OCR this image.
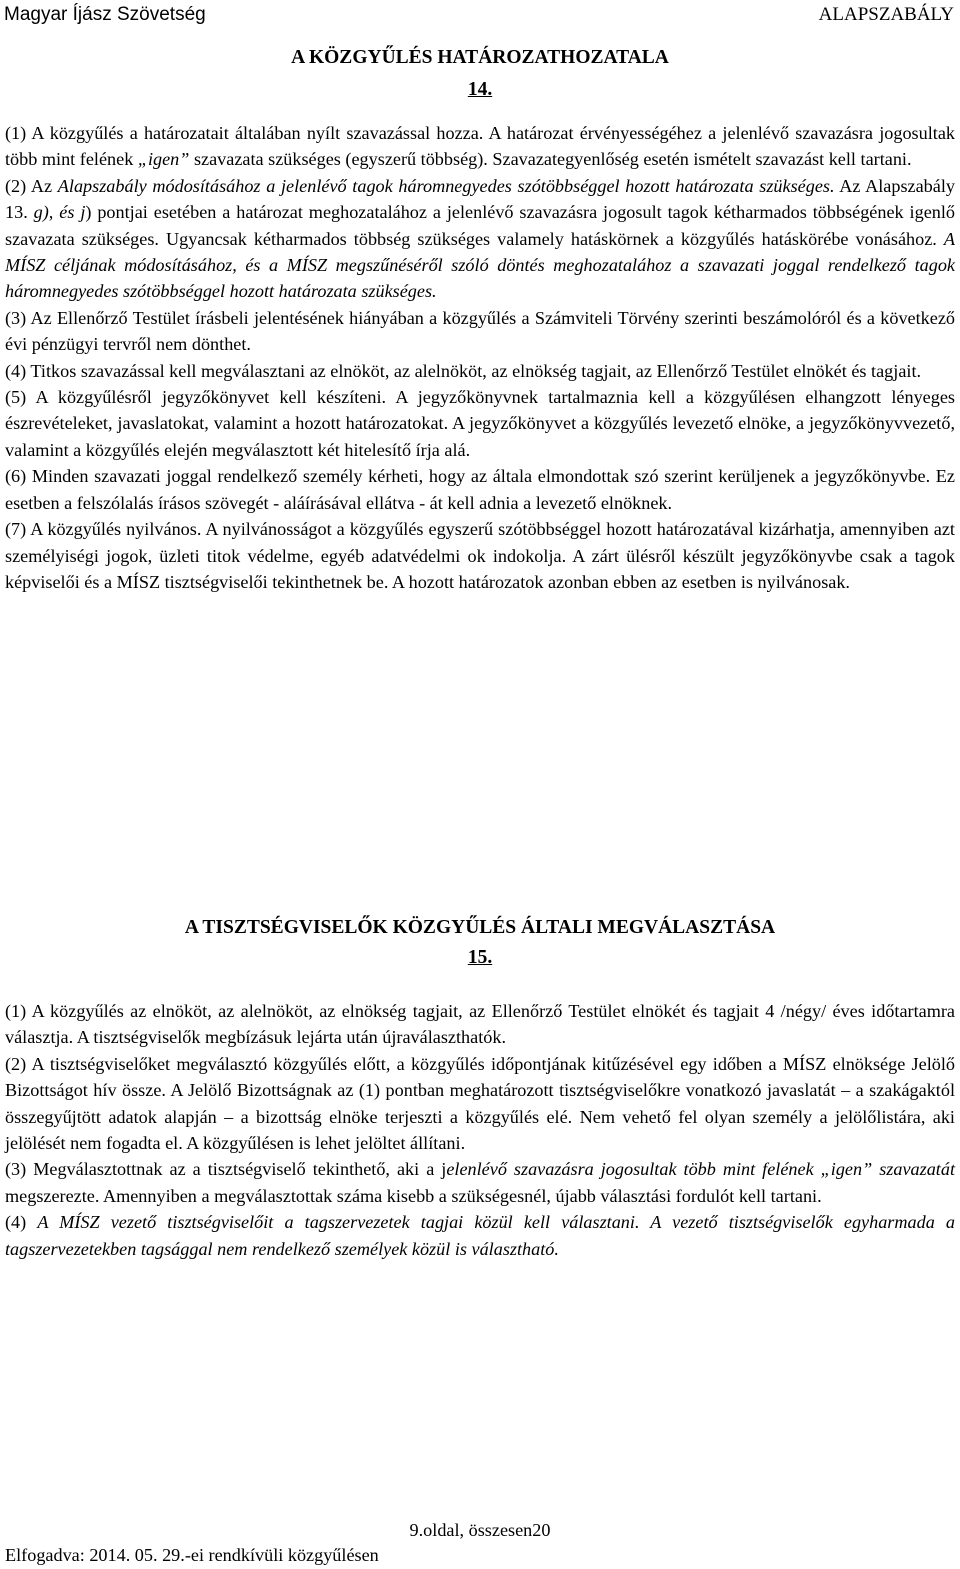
Magyar Íjász Szövetség	ALAPSZABÁLY
A KÖZGYŰLÉS HATÁROZATHOZATALA
14.

(1) A közgyűlés a határozatait általában nyílt szavazással hozza. A határozat érvényességéhez a jelenlévő szavazásra jogosultak több mint felének „igen” szavazata szükséges (egyszerű többség). Szavazategyenlőség esetén ismételt szavazást kell tartani.

(2) Az Alapszabály módosításához a jelenlévő tagok háromnegyedes szótöbbséggel hozott határozata szükséges. Az Alapszabály 13. g), és j) pontjai esetében a határozat meghozatalához a jelenlévő szavazásra jogosult tagok kétharmados többségének igenlő szavazata szükséges. Ugyancsak kétharmados többség szükséges valamely hatáskörnek a közgyűlés hatáskörébe vonásához. A MÍSZ céljának módosításához, és a MÍSZ megszűnéséről szóló döntés meghozatalához a szavazati joggal rendelkező tagok háromnegyedes szótöbbséggel hozott határozata szükséges.

(3) Az Ellenőrző Testület írásbeli jelentésének hiányában a közgyűlés a Számviteli Törvény szerinti beszámolóról és a következő évi pénzügyi tervről nem dönthet.

(4) Titkos szavazással kell megválasztani az elnököt, az alelnököt, az elnökség tagjait, az Ellenőrző Testület elnökét és tagjait.

(5) A közgyűlésről jegyzőkönyvet kell készíteni. A jegyzőkönyvnek tartalmaznia kell a közgyűlésen elhangzott lényeges észrevételeket, javaslatokat, valamint a hozott határozatokat. A jegyzőkönyvet a közgyűlés levezető elnöke, a jegyzőkönyvvezető, valamint a közgyűlés elején megválasztott két hitelesítő írja alá.

(6) Minden szavazati joggal rendelkező személy kérheti, hogy az általa elmondottak szó szerint kerüljenek a jegyzőkönyvbe. Ez esetben a felszólalás írásos szövegét - aláírásával ellátva - át kell adnia a levezető elnöknek.

(7) A közgyűlés nyilvános. A nyilvánosságot a közgyűlés egyszerű szótöbbséggel hozott határozatával kizárhatja, amennyiben azt személyiségi jogok, üzleti titok védelme, egyéb adatvédelmi ok indokolja. A zárt ülésről készült jegyzőkönyvbe csak a tagok képviselői és a MÍSZ tisztségviselői tekinthetnek be. A hozott határozatok azonban ebben az esetben is nyilvánosak.

A TISZTSÉGVISELŐK KÖZGYŰLÉS ÁLTALI MEGVÁLASZTÁSA
15.

(1) A közgyűlés az elnököt, az alelnököt, az elnökség tagjait, az Ellenőrző Testület elnökét és tagjait 4 /négy/ éves időtartamra választja. A tisztségviselők megbízásuk lejárta után újraválaszthatók.

(2) A tisztségviselőket megválasztó közgyűlés előtt, a közgyűlés időpontjának kitűzésével egy időben a MÍSZ elnöksége Jelölő Bizottságot hív össze. A Jelölő Bizottságnak az (1) pontban meghatározott tisztségviselőkre vonatkozó javaslatát – a szakágaktól összegyűjtött adatok alapján – a bizottság elnöke terjeszti a közgyűlés elé. Nem vehető fel olyan személy a jelölőlistára, aki jelölését nem fogadta el. A közgyűlésen is lehet jelöltet állítani.

(3) Megválasztottnak az a tisztségviselő tekinthető, aki a jelenlévő szavazásra jogosultak több mint felének „igen” szavazatát megszerezte. Amennyiben a megválasztottak száma kisebb a szükségesnél, újabb választási fordulót kell tartani.

(4) A MÍSZ vezető tisztségviselőit a tagszervezetek tagjai közül kell választani. A vezető tisztségviselők egyharmada a tagszervezetekben tagsággal nem rendelkező személyek közül is választható.

9.oldal, összesen20
Elfogadva: 2014. 05. 29.-ei rendkívüli közgyűlésen
